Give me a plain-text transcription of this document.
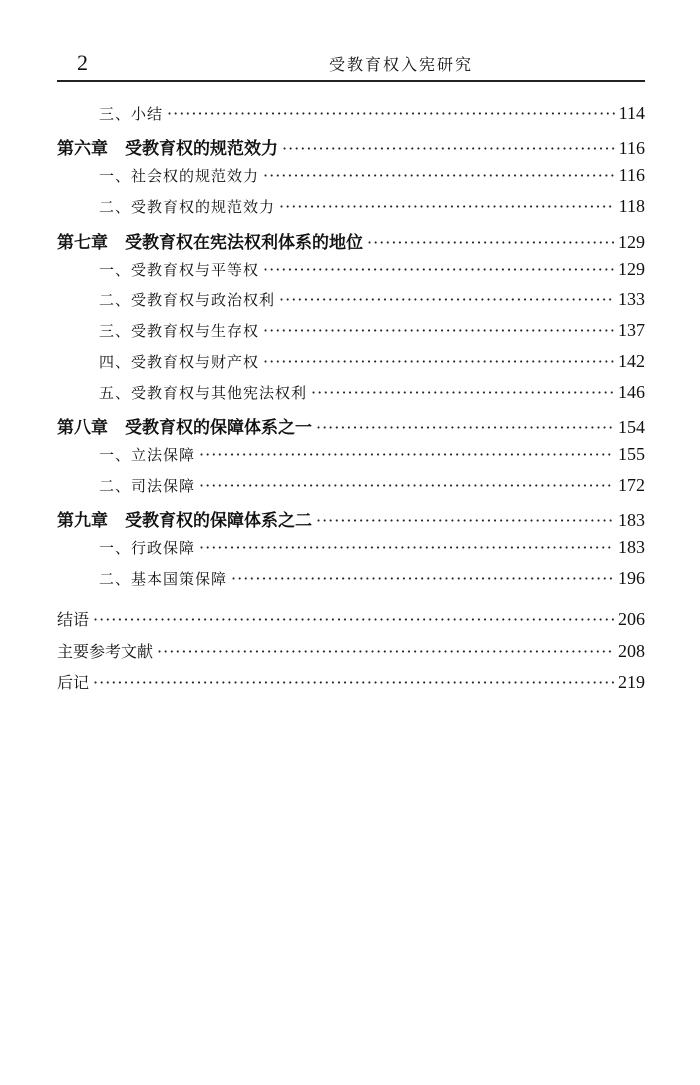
2	受教育权入宪研究
三、小结 ·····	114
第六章　受教育权的规范效力 ·····	116
一、社会权的规范效力 ·····	116
二、受教育权的规范效力 ·····	118
第七章　受教育权在宪法权利体系的地位 ·····	129
一、受教育权与平等权 ·····	129
二、受教育权与政治权利 ·····	133
三、受教育权与生存权 ·····	137
四、受教育权与财产权 ·····	142
五、受教育权与其他宪法权利 ·····	146
第八章　受教育权的保障体系之一 ·····	154
一、立法保障 ·····	155
二、司法保障 ·····	172
第九章　受教育权的保障体系之二 ·····	183
一、行政保障 ·····	183
二、基本国策保障 ·····	196
结语 ·····	206
主要参考文献 ·····	208
后记 ·····	219
